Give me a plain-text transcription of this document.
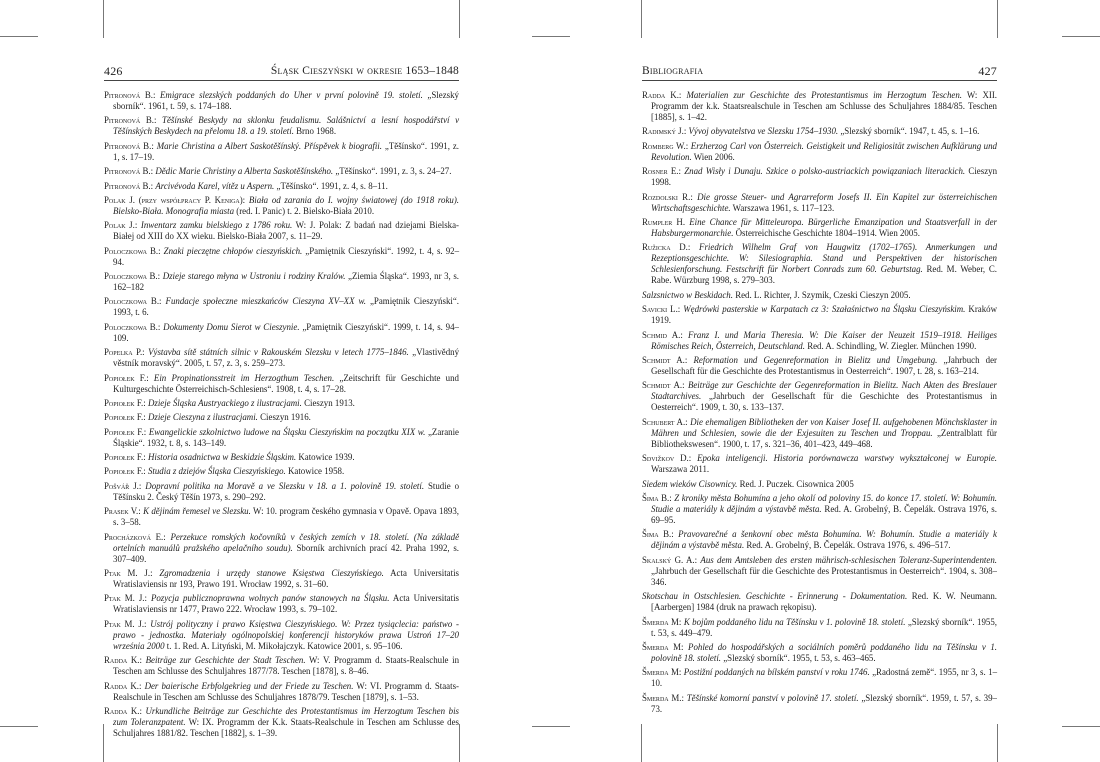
426	Śląsk Cieszyński w okresie 1653–1848

Pitronová B.: Emigrace slezských poddaných do Uher v první polovině 19. století. „Slezský sborník“. 1961, t. 59, s. 174–188.

Pitronová B.: Těšínské Beskydy na sklonku feudalismu. Salášnictví a lesní hospodářství v Těšínských Beskydech na přelomu 18. a 19. století. Brno 1968.

Pitronová B.: Marie Christina a Albert Saskotěšínský. Příspěvek k biografii. „Těšínsko“. 1991, z. 1, s. 17–19.

Pitronová B.: Dědic Marie Christiny a Alberta Saskotěšínského. „Těšínsko“. 1991, z. 3, s. 24–27.

Pitronová B.: Arcivévoda Karel, vítěz u Aspern. „Těšínsko“. 1991, z. 4, s. 8–11.

Polak J. (przy współpracy P. Kenigа): Biała od zarania do I. wojny światowej (do 1918 roku). Bielsko-Biała. Monografia miasta (red. I. Panic) t. 2. Bielsko-Biała 2010.

Polak J.: Inwentarz zamku bielskiego z 1786 roku. W: J. Polak: Z badań nad dziejami Bielska-Białej od XIII do XX wieku. Bielsko-Biała 2007, s. 11–29.

Poloczkowa B.: Znaki pieczętne chłopów cieszyńskich. „Pamiętnik Cieszyński“. 1992, t. 4, s. 92–94.

Poloczkowa B.: Dzieje starego młyna w Ustroniu i rodziny Kralów. „Ziemia Śląska“. 1993, nr 3, s. 162–182

Poloczkowa B.: Fundacje społeczne mieszkańców Cieszyna XV–XX w. „Pamiętnik Cieszyński“. 1993, t. 6.

Poloczkowa B.: Dokumenty Domu Sierot w Cieszynie. „Pamiętnik Cieszyński“. 1999, t. 14, s. 94–109.

Popelka P.: Výstavba sítě státních silnic v Rakouském Slezsku v letech 1775–1846. „Vlastivědný věstník moravský“. 2005, t. 57, z. 3, s. 259–273.

Popiołek F.: Ein Propinationsstreit im Herzogthum Teschen. „Zeitschrift für Geschichte und Kulturgeschichte Österreichisch-Schlesiens“. 1908, t. 4, s. 17–28.

Popiołek F.: Dzieje Śląska Austryackiego z ilustracjami. Cieszyn 1913.

Popiołek F.: Dzieje Cieszyna z ilustracjami. Cieszyn 1916.

Popiołek F.: Ewangelickie szkolnictwo ludowe na Śląsku Cieszyńskim na początku XIX w. „Zaranie Śląskie“. 1932, t. 8, s. 143–149.

Popiołek F.: Historia osadnictwa w Beskidzie Śląskim. Katowice 1939.

Popiołek F.: Studia z dziejów Śląska Cieszyńskiego. Katowice 1958.

Pošvář J.: Dopravní politika na Moravě a ve Slezsku v 18. a 1. polovině 19. století. Studie o Těšínsku 2. Český Těšín 1973, s. 290–292.

Prasek V.: K dějinám řemesel ve Slezsku. W: 10. program českého gymnasia v Opavě. Opava 1893, s. 3–58.

Procházková E.: Perzekuce romských kočovníků v českých zemích v 18. století. (Na základě ortelních manuálů pražského apelačního soudu). Sborník archivních prací 42. Praha 1992, s. 307–409.

Ptak M. J.: Zgromadzenia i urzędy stanowe Księstwa Cieszyńskiego. Acta Universitatis Wratislaviensis nr 193, Prawo 191. Wrocław 1992, s. 31–60.

Ptak M. J.: Pozycja publicznoprawna wolnych panów stanowych na Śląsku. Acta Universitatis Wratislaviensis nr 1477, Prawo 222. Wrocław 1993, s. 79–102.

Ptak M. J.: Ustrój polityczny i prawo Księstwa Cieszyńskiego. W: Przez tysiąclecia: państwo - prawo - jednostka. Materiały ogólnopolskiej konferencji historyków prawa Ustroń 17–20 września 2000 t. 1. Red. A. Lityński, M. Mikołajczyk. Katowice 2001, s. 95–106.

Radda K.: Beiträge zur Geschichte der Stadt Teschen. W: V. Programm d. Staats-Realschule in Teschen am Schlusse des Schuljahres 1877/78. Teschen [1878], s. 8–46.

Radda K.: Der baierische Erbfolgekrieg und der Friede zu Teschen. W: VI. Programm d. Staats-Realschule in Teschen am Schlusse des Schuljahres 1878/79. Teschen [1879], s. 1–53.

Radda K.: Urkundliche Beiträge zur Geschichte des Protestantismus im Herzogtum Teschen bis zum Toleranzpatent. W: IX. Programm der K.k. Staats-Realschule in Teschen am Schlusse des Schuljahres 1881/82. Teschen [1882], s. 1–39.

Bibliografia	427

Radda K.: Materialien zur Geschichte des Protestantismus im Herzogtum Teschen. W: XII. Programm der k.k. Staatsrealschule in Teschen am Schlusse des Schuljahres 1884/85. Teschen [1885], s. 1–42.

Radimský J.: Vývoj obyvatelstva ve Slezsku 1754–1930. „Slezský sborník“. 1947, t. 45, s. 1–16.

Romberg W.: Erzherzog Carl von Österreich. Geistigkeit und Religiosität zwischen Aufklärung und Revolution. Wien 2006.

Rosner E.: Znad Wisły i Dunaju. Szkice o polsko-austriackich powiązaniach literackich. Cieszyn 1998.

Rozdolski R.: Die grosse Steuer- und Agrarreform Josefs II. Ein Kapitel zur österreichischen Wirtschaftsgeschichte. Warszawa 1961, s. 117–123.

Rumpler H. Eine Chance für Mitteleuropa. Bürgerliche Emanzipation und Staatsverfall in der Habsburgermonarchie. Österreichische Geschichte 1804–1914. Wien 2005.

Ružicka D.: Friedrich Wilhelm Graf von Haugwitz (1702–1765). Anmerkungen und Rezeptionsgeschichte. W: Silesiographia. Stand und Perspektiven der historischen Schlesienforschung. Festschrift für Norbert Conrads zum 60. Geburtstag. Red. M. Weber, C. Rabe. Würzburg 1998, s. 279–303.

Salzsnictwo w Beskidach. Red. L. Richter, J. Szymik, Czeski Cieszyn 2005.

Savicki L.: Wędrówki pasterskie w Karpatach cz 3: Szałaśnictwo na Śląsku Cieszyńskim. Kraków 1919.

Schmid A.: Franz I. und Maria Theresia. W: Die Kaiser der Neuzeit 1519–1918. Heiliges Römisches Reich, Österreich, Deutschland. Red. A. Schindling, W. Ziegler. München 1990.

Schmidt A.: Reformation und Gegenreformation in Bielitz und Umgebung. „Jahrbuch der Gesellschaft für die Geschichte des Protestantismus in Oesterreich“. 1907, t. 28, s. 163–214.

Schmidt A.: Beiträge zur Geschichte der Gegenreformation in Bielitz. Nach Akten des Breslauer Stadtarchives. „Jahrbuch der Gesellschaft für die Geschichte des Protestantismus in Oesterreich“. 1909, t. 30, s. 133–137.

Schubert A.: Die ehemaligen Bibliotheken der von Kaiser Josef II. aufgehobenen Mönchsklaster in Mähren und Schlesien, sowie die der Exjesuiten zu Teschen und Troppau. „Zentralblatt für Bibliothekswesen“. 1900, t. 17, s. 321–36, 401–423, 449–468.

Sdvižkov D.: Epoka inteligencji. Historia porównawcza warstwy wykształconej w Europie. Warszawa 2011.

Siedem wieków Cisownicy. Red. J. Puczek. Cisownica 2005

Šima B.: Z kroniky města Bohumína a jeho okolí od poloviny 15. do konce 17. století. W: Bohumín. Studie a materiály k dějinám a výstavbě města. Red. A. Grobelný, B. Čepelák. Ostrava 1976, s. 69–95.

Šima B.: Pravovarečné a šenkovní obec města Bohumína. W: Bohumín. Studie a materiály k dějinám a výstavbě města. Red. A. Grobelný, B. Čepelák. Ostrava 1976, s. 496–517.

Skalský G. A.: Aus dem Amtsleben des ersten mährisch-schlesischen Toleranz-Superintendenten. „Jahrbuch der Gesellschaft für die Geschichte des Protestantismus in Oesterreich“. 1904, s. 308–346.

Skotschau in Ostschlesien. Geschichte - Erinnerung - Dokumentation. Red. K. W. Neumann. [Aarbergen] 1984 (druk na prawach rękopisu).

Šmerda M: K bojům poddaného lidu na Těšínsku v 1. polovině 18. století. „Slezský sborník“. 1955, t. 53, s. 449–479.

Šmerda M: Pohled do hospodářských a sociálních poměrů poddaného lidu na Těšínsku v 1. polovině 18. století. „Slezský sborník“. 1955, t. 53, s. 463–465.

Šmerda M: Postižní poddaných na bílském panství v roku 1746. „Radostná země“. 1955, nr 3, s. 1–10.

Šmerda M.: Těšínské komorní panství v polovině 17. století. „Slezský sborník“. 1959, t. 57, s. 39–73.
